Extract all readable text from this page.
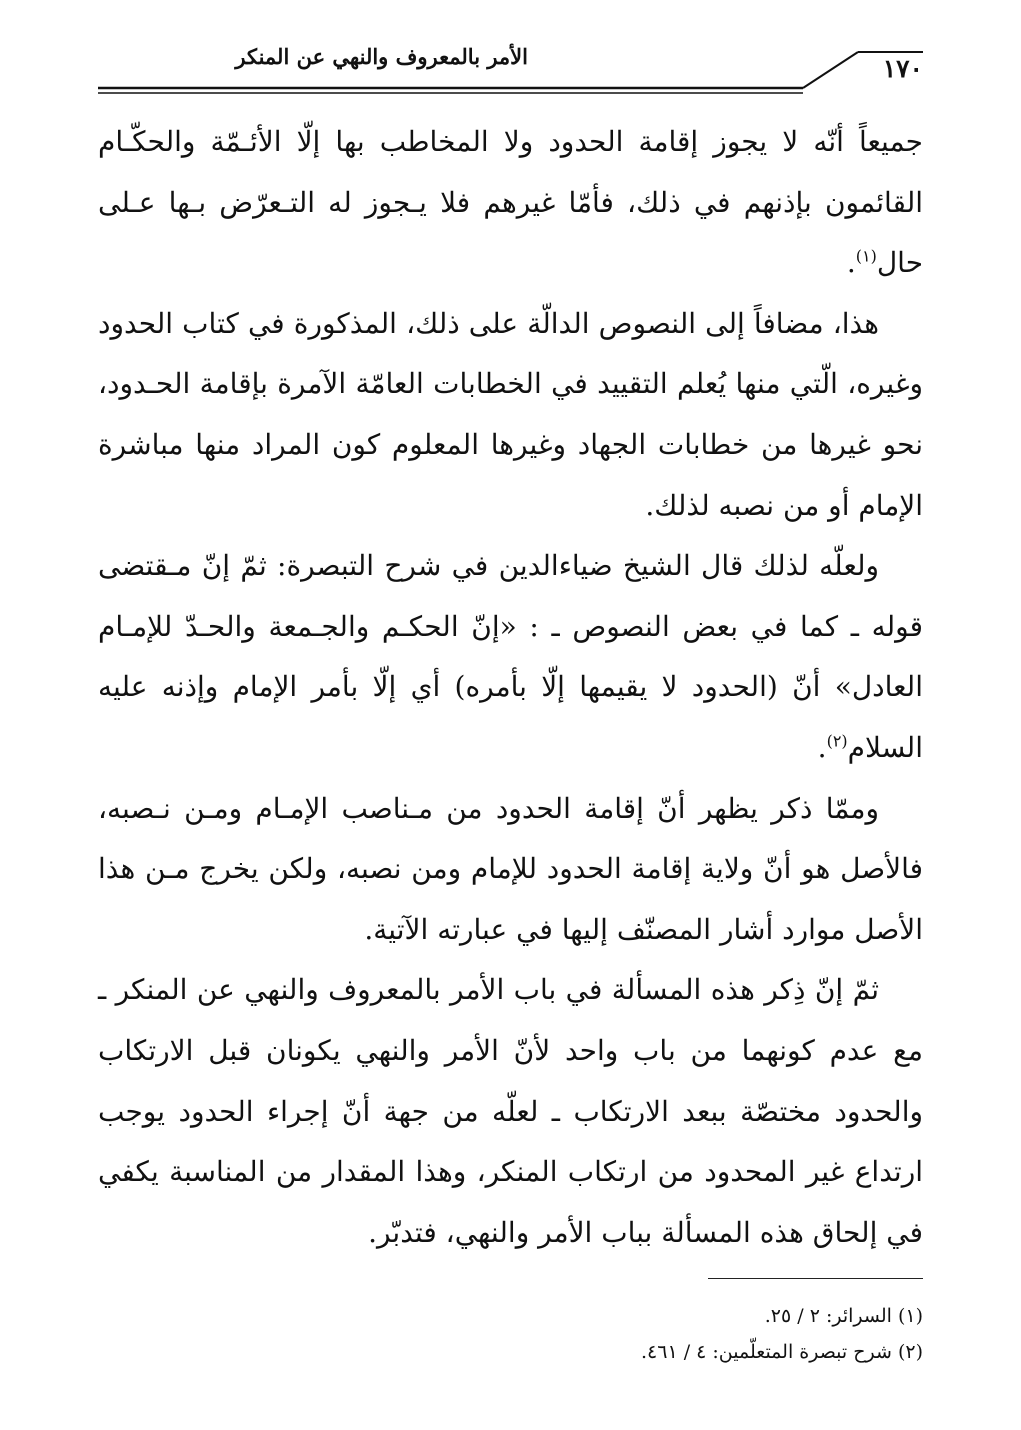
الأمر بالمعروف والنهي عن المنكر	١٧٠

جميعاً أنّه لا يجوز إقامة الحدود ولا المخاطب بها إلّا الأئـمّة والحكّـام القائمون بإذنهم في ذلك، فأمّا غيرهم فلا يـجوز له التـعرّض بـها عـلى حال$^{(١)}$.

هذا، مضافاً إلى النصوص الدالّة على ذلك، المذكورة في كتاب الحدود وغيره، الّتي منها يُعلم التقييد في الخطابات العامّة الآمرة بإقامة الحـدود، نحو غيرها من خطابات الجهاد وغيرها المعلوم كون المراد منها مباشرة الإمام أو من نصبه لذلك.

ولعلّه لذلك قال الشيخ ضياءالدين في شرح التبصرة: ثمّ إنّ مـقتضى قوله ـ كما في بعض النصوص ـ : «إنّ الحكـم والجـمعة والحـدّ للإمـام العادل» أنّ (الحدود لا يقيمها إلّا بأمره) أي إلّا بأمر الإمام وإذنه عليه السلام$^{(٢)}$.

وممّا ذكر يظهر أنّ إقامة الحدود من مـناصب الإمـام ومـن نـصبه، فالأصل هو أنّ ولاية إقامة الحدود للإمام ومن نصبه، ولكن يخرج مـن هذا الأصل موارد أشار المصنّف إليها في عبارته الآتية.

ثمّ إنّ ذِكر هذه المسألة في باب الأمر بالمعروف والنهي عن المنكر ـ مع عدم كونهما من باب واحد لأنّ الأمر والنهي يكونان قبل الارتكاب والحدود مختصّة ببعد الارتكاب ـ لعلّه من جهة أنّ إجراء الحدود يوجب ارتداع غير المحدود من ارتكاب المنكر، وهذا المقدار من المناسبة يكفي في إلحاق هذه المسألة بباب الأمر والنهي، فتدبّر.

(١) السرائر: ٢ / ٢٥.

(٢) شرح تبصرة المتعلّمين: ٤ / ٤٦١.
